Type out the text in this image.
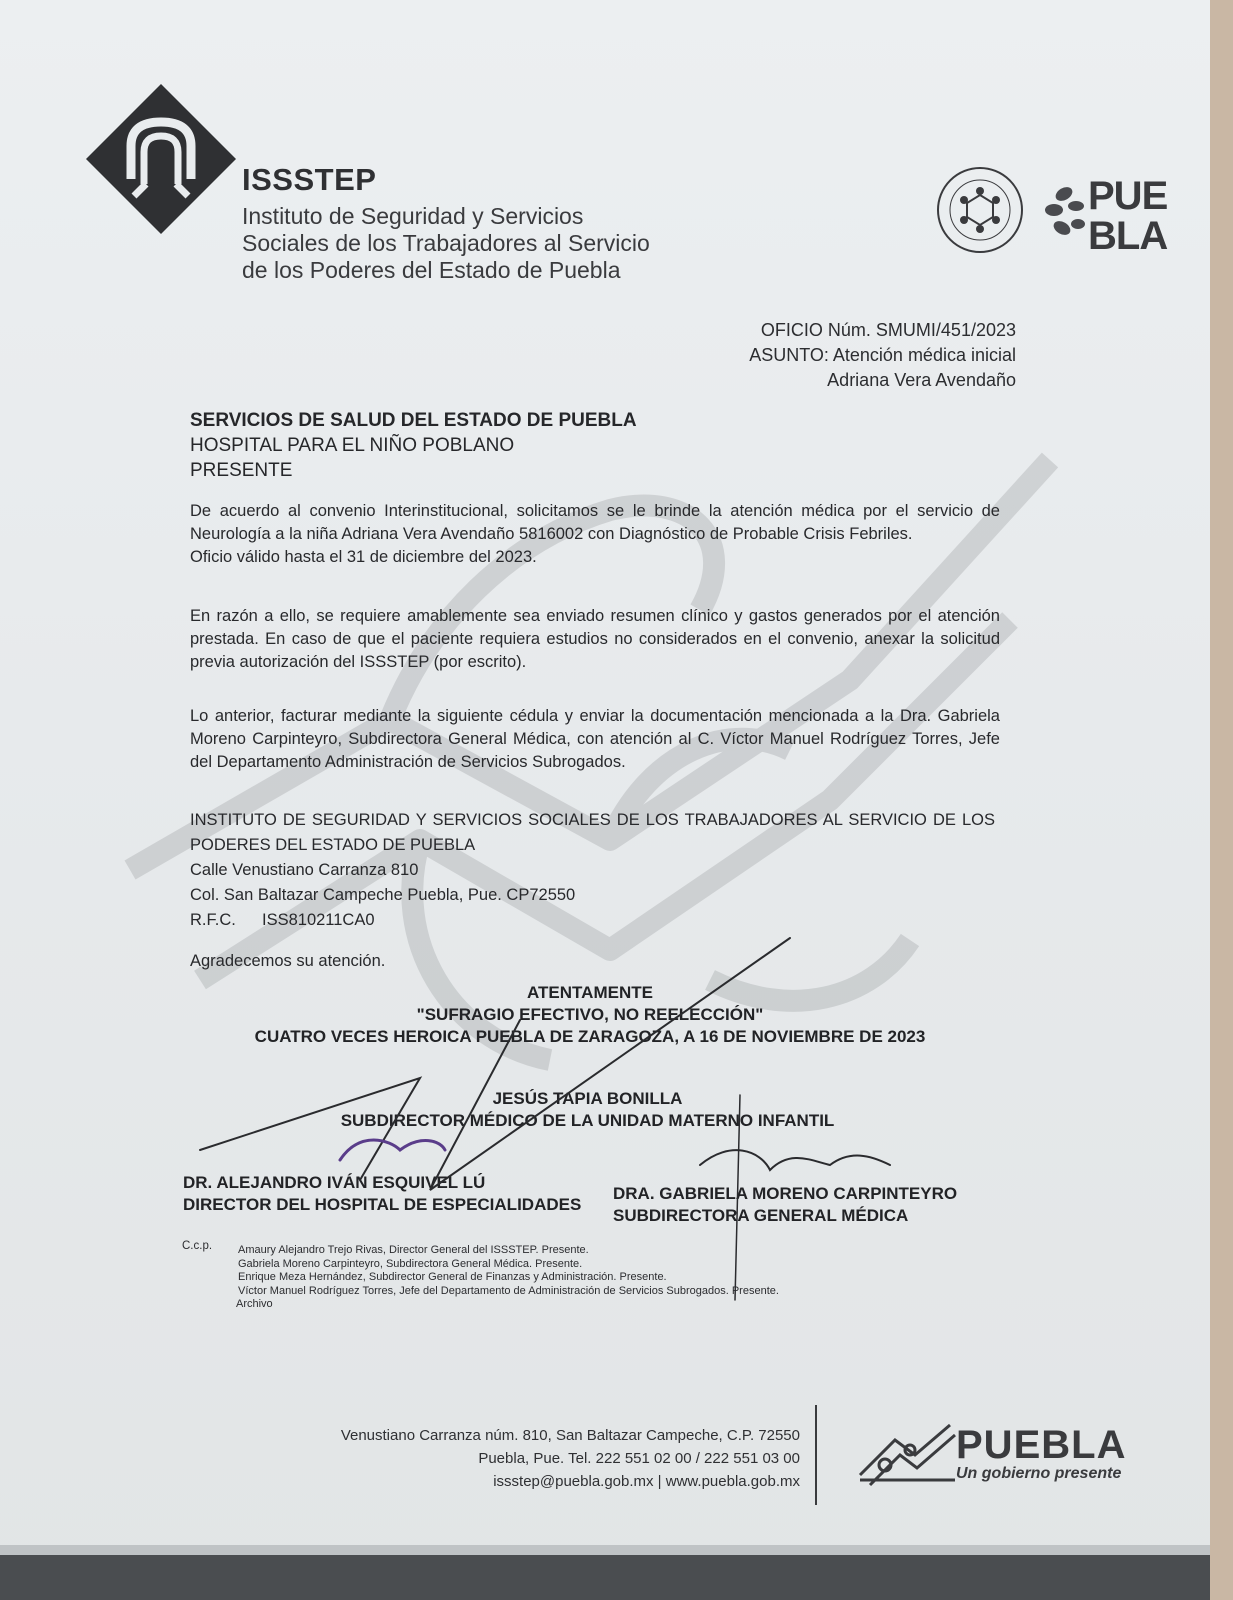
ISSSTEP
Instituto de Seguridad y Servicios
Sociales de los Trabajadores al Servicio
de los Poderes del Estado de Puebla
PUE
BLA
OFICIO Núm. SMUMI/451/2023
ASUNTO: Atención médica inicial
Adriana Vera Avendaño
SERVICIOS DE SALUD DEL ESTADO DE PUEBLA
HOSPITAL PARA EL NIÑO POBLANO
PRESENTE
De acuerdo al convenio Interinstitucional, solicitamos se le brinde la atención médica por el servicio de Neurología a la niña Adriana Vera Avendaño 5816002 con Diagnóstico de Probable Crisis Febriles.
Oficio válido hasta el 31 de diciembre del 2023.
En razón a ello, se requiere amablemente sea enviado resumen clínico y gastos generados por el atención prestada. En caso de que el paciente requiera estudios no considerados en el convenio, anexar la solicitud previa autorización del ISSSTEP (por escrito).
Lo anterior, facturar mediante la siguiente cédula y enviar la documentación mencionada a la Dra. Gabriela Moreno Carpinteyro, Subdirectora General Médica, con atención al C. Víctor Manuel Rodríguez Torres, Jefe del Departamento Administración de Servicios Subrogados.
INSTITUTO DE SEGURIDAD Y SERVICIOS SOCIALES DE LOS TRABAJADORES AL SERVICIO DE LOS PODERES DEL ESTADO DE PUEBLA
Calle Venustiano Carranza 810
Col. San Baltazar Campeche Puebla, Pue. CP72550
R.F.C. ISS810211CA0
Agradecemos su atención.
ATENTAMENTE
"SUFRAGIO EFECTIVO, NO REELECCIÓN"
CUATRO VECES HEROICA PUEBLA DE ZARAGOZA, A 16 DE NOVIEMBRE DE 2023
JESÚS TAPIA BONILLA
SUBDIRECTOR MÉDICO DE LA UNIDAD MATERNO INFANTIL
DR. ALEJANDRO IVÁN ESQUIVEL LÚ
DIRECTOR DEL HOSPITAL DE ESPECIALIDADES
DRA. GABRIELA MORENO CARPINTEYRO
SUBDIRECTORA GENERAL MÉDICA
C.c.p. Amaury Alejandro Trejo Rivas, Director General del ISSSTEP. Presente.
Gabriela Moreno Carpinteyro, Subdirectora General Médica. Presente.
Enrique Meza Hernández, Subdirector General de Finanzas y Administración. Presente.
Víctor Manuel Rodríguez Torres, Jefe del Departamento de Administración de Servicios Subrogados. Presente.
Archivo
Venustiano Carranza núm. 810, San Baltazar Campeche, C.P. 72550
Puebla, Pue. Tel. 222 551 02 00 / 222 551 03 00
issstep@puebla.gob.mx | www.puebla.gob.mx
PUEBLA
Un gobierno presente
